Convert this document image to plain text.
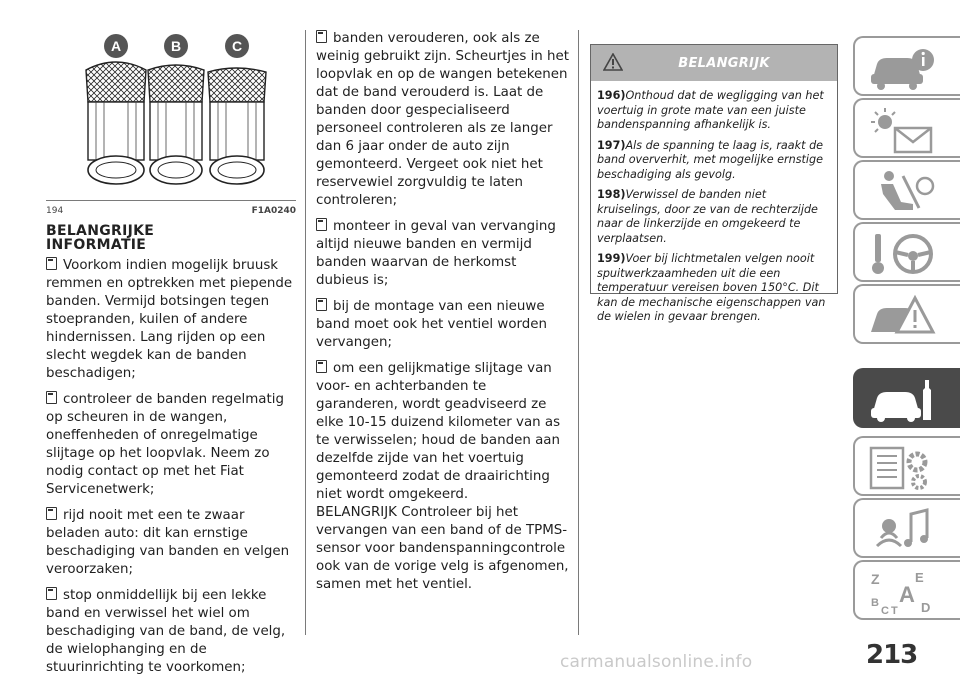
A	B	C
194	F1A0240
BELANGRIJKE
INFORMATIE

Voorkom indien mogelijk bruusk remmen en optrekken met piepende banden. Vermijd botsingen tegen stoepranden, kuilen of andere hindernissen. Lang rijden op een slecht wegdek kan de banden beschadigen;

controleer de banden regelmatig op scheuren in de wangen, oneffenheden of onregelmatige slijtage op het loopvlak. Neem zo nodig contact op met het Fiat Servicenetwerk;

rijd nooit met een te zwaar beladen auto: dit kan ernstige beschadiging van banden en velgen veroorzaken;

stop onmiddellijk bij een lekke band en verwissel het wiel om beschadiging van de band, de velg, de wielophanging en de stuurinrichting te voorkomen;

banden verouderen, ook als ze weinig gebruikt zijn. Scheurtjes in het loopvlak en op de wangen betekenen dat de band verouderd is. Laat de banden door gespecialiseerd personeel controleren als ze langer dan 6 jaar onder de auto zijn gemonteerd. Vergeet ook niet het reservewiel zorgvuldig te laten controleren;

monteer in geval van vervanging altijd nieuwe banden en vermijd banden waarvan de herkomst dubieus is;

bij de montage van een nieuwe band moet ook het ventiel worden vervangen;

om een gelijkmatige slijtage van voor- en achterbanden te garanderen, wordt geadviseerd ze elke 10-15 duizend kilometer van as te verwisselen; houd de banden aan dezelfde zijde van het voertuig gemonteerd zodat de draairichting niet wordt omgekeerd.

BELANGRIJK Controleer bij het vervangen van een band of de TPMS-sensor voor bandenspanningcontrole ook van de vorige velg is afgenomen, samen met het ventiel.

BELANGRIJK

196)Onthoud dat de wegligging van het voertuig in grote mate van een juiste bandenspanning afhankelijk is.

197)Als de spanning te laag is, raakt de band oververhit, met mogelijke ernstige beschadiging als gevolg.

198)Verwissel de banden niet kruiselings, door ze van de rechterzijde naar de linkerzijde en omgekeerd te verplaatsen.

199)Voer bij lichtmetalen velgen nooit spuitwerkzaamheden uit die een temperatuur vereisen boven 150°C. Dit kan de mechanische eigenschappen van de wielen in gevaar brengen.

Z	E
B A
C T D
213
carmanualsonline.info
